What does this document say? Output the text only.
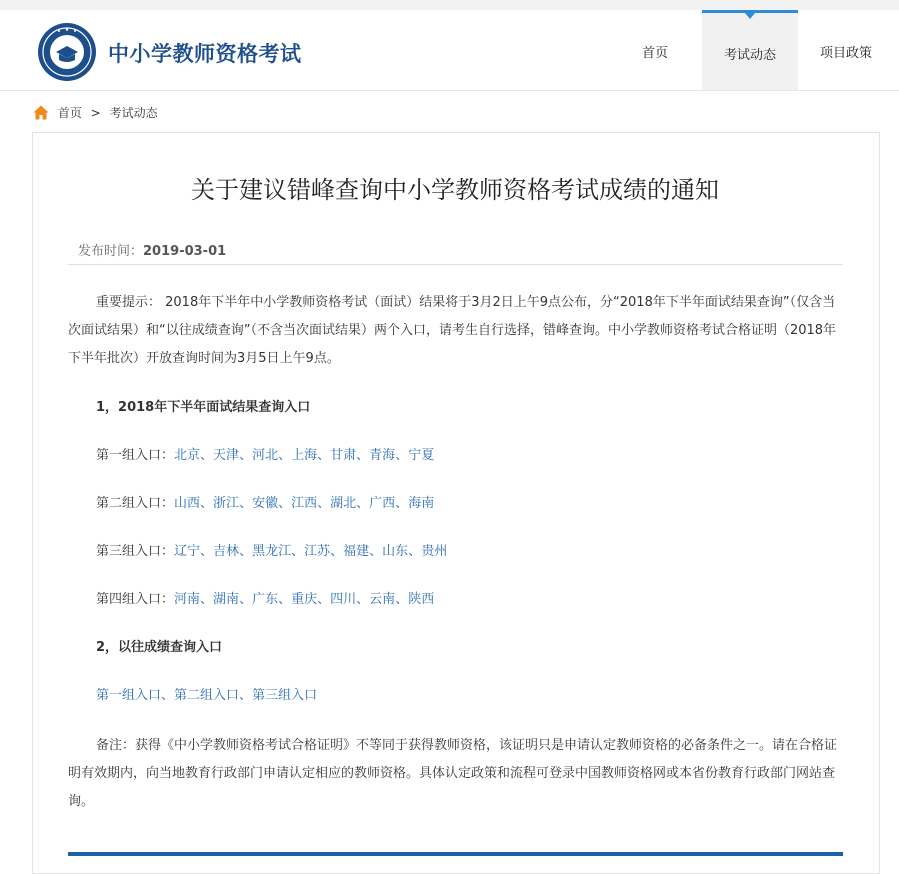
中小学教师资格考试	首页	考试动态	项目政策
首页 > 考试动态
关于建议错峰查询中小学教师资格考试成绩的通知
发布时间：2019-03-01
重要提示： 2018年下半年中小学教师资格考试（面试）结果将于3月2日上午9点公布，分“2018年下半年面试结果查询”（仅含当次面试结果）和“以往成绩查询”（不含当次面试结果）两个入口，请考生自行选择，错峰查询。中小学教师资格考试合格证明（2018年下半年批次）开放查询时间为3月5日上午9点。
1，2018年下半年面试结果查询入口
第一组入口：北京、天津、河北、上海、甘肃、青海、宁夏
第二组入口：山西、浙江、安徽、江西、湖北、广西、海南
第三组入口：辽宁、吉林、黑龙江、江苏、福建、山东、贵州
第四组入口：河南、湖南、广东、重庆、四川、云南、陕西
2，以往成绩查询入口
第一组入口、第二组入口、第三组入口
备注：获得《中小学教师资格考试合格证明》不等同于获得教师资格，该证明只是申请认定教师资格的必备条件之一。请在合格证明有效期内，向当地教育行政部门申请认定相应的教师资格。具体认定政策和流程可登录中国教师资格网或本省份教育行政部门网站查询。
